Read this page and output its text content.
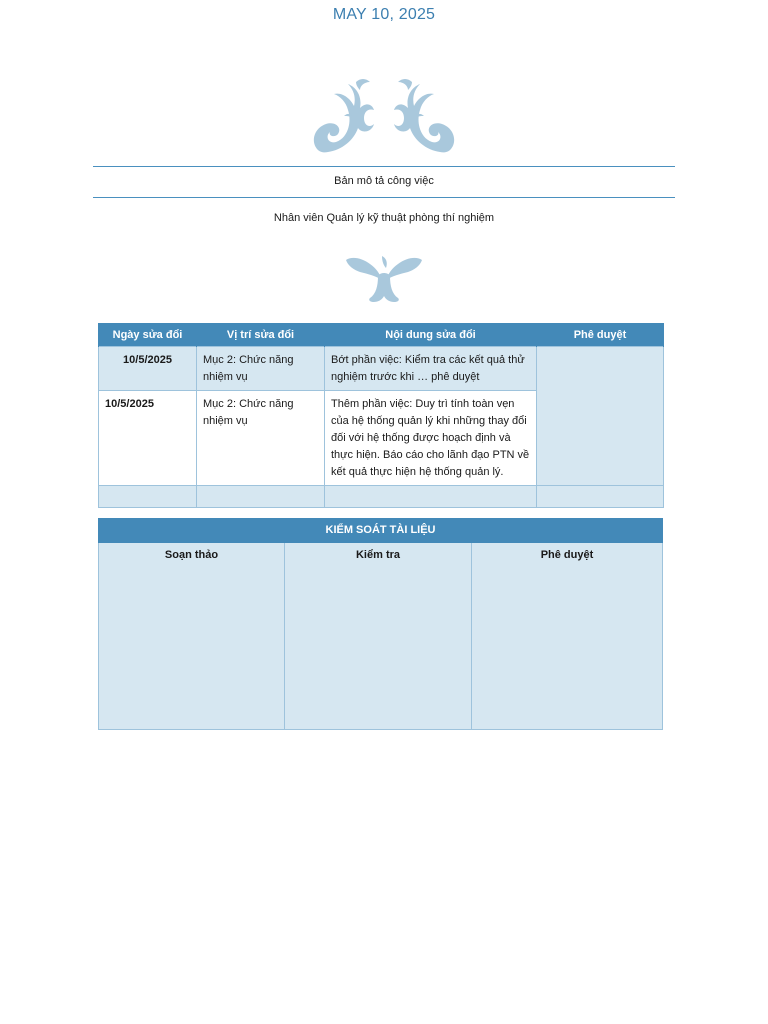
MAY 10, 2025
Bản mô tả công việc
Nhân viên Quản lý kỹ thuật phòng thí nghiệm
Ngày sửa đổi	Vị trí sửa đổi	Nội dung sửa đổi	Phê duyệt
10/5/2025	Mục 2: Chức năng nhiệm vụ	Bớt phần việc: Kiểm tra các kết quả thử nghiệm trước khi … phê duyệt	
10/5/2025	Mục 2: Chức năng nhiệm vụ	Thêm phần việc: Duy trì tính toàn vẹn của hệ thống quản lý khi những thay đổi đối với hệ thống được hoạch định và thực hiện. Báo cáo cho lãnh đạo PTN về kết quả thực hiện hệ thống quản lý.	

KIỂM SOÁT TÀI LIỆU
Soạn thảo	Kiểm tra	Phê duyệt
